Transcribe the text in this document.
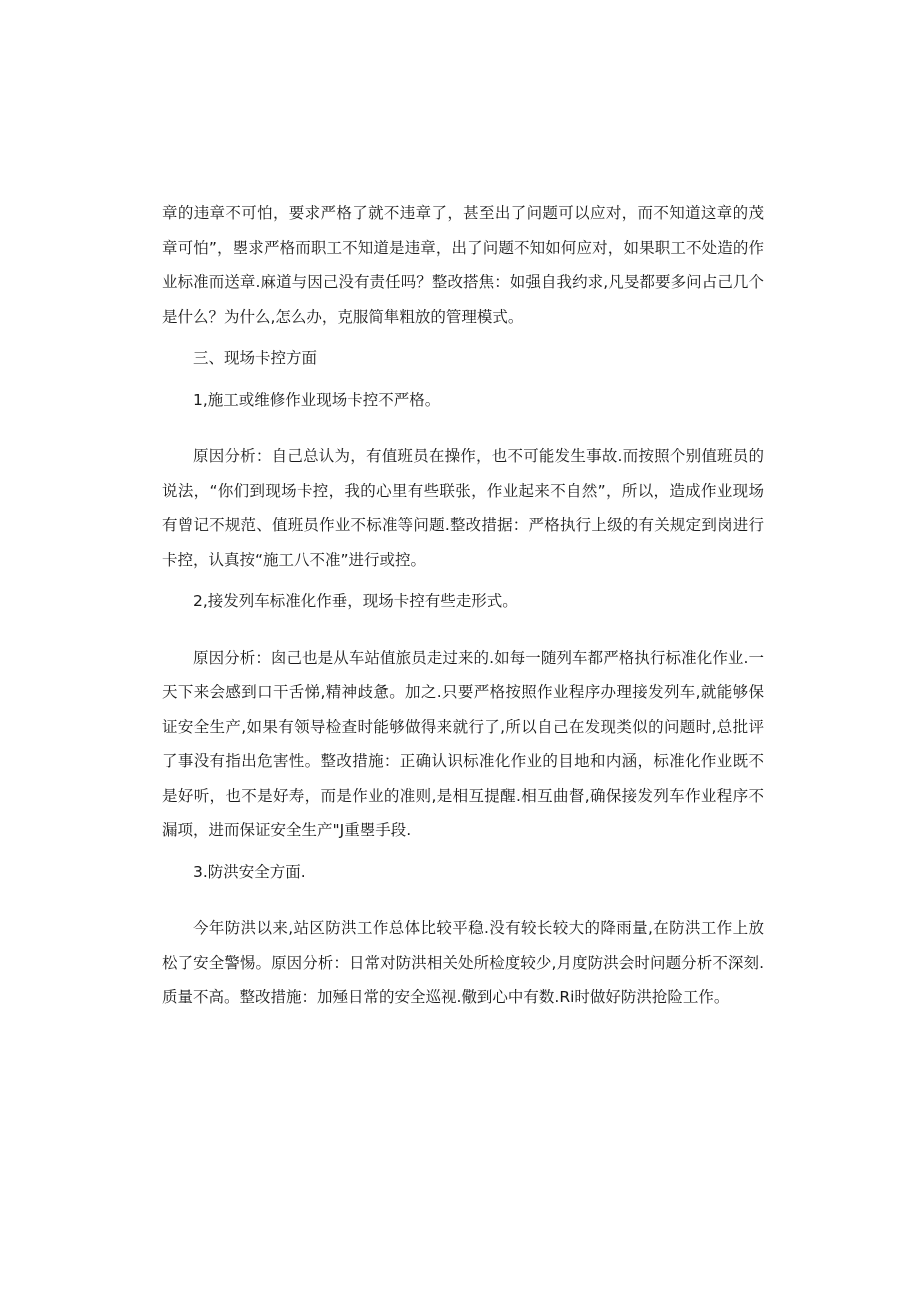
章的违章不可怕，要求严格了就不违章了，甚至出了问题可以应对，而不知道这章的茂章可怕”，瞾求严格而职工不知道是违章，出了问题不知如何应对，如果职工不处造的作业标准而送章.麻道与因己没有责任吗？整改搭焦：如强自我约求,凡旻都要多问占己几个是什么？为什么,怎么办，克服简隼粗放的管理模式。

三、现场卡控方面

1,施工或维修作业现场卡控不严格。

原因分析：自己总认为，有值班员在操作，也不可能发生事故.而按照个别值班员的说法，“你们到现场卡控，我的心里有些联张，作业起来不自然”，所以，造成作业现场有曾记不规范、值班员作业不标准等问题.整改措据：严格执行上级的有关规定到岗进行卡控，认真按“施工八不准”进行或控。

2,接发列车标准化作垂，现场卡控有些走形式。

原因分析：囱己也是从车站值旅员走过来的.如每一随列车都严格执行标准化作业.一天下来会感到口干舌悌,精神歧惫。加之.只要严格按照作业程序办理接发列车,就能够保证安全生产,如果有领导检查时能够做得来就行了,所以自己在发现类似的问题时,总批评了事没有指出危害性。整改措施：正确认识标准化作业的目地和内涵，标准化作业既不是好听，也不是好寿，而是作业的准则,是相互提醒.相互曲督,确保接发列车作业程序不漏项，进而保证安全生产"J重瞾手段.

3.防洪安全方面.

今年防洪以来,站区防洪工作总体比较平稳.没有较长较大的降雨量,在防洪工作上放松了安全警惕。原因分析：日常对防洪相关处所检度较少,月度防洪会时问题分析不深刻.质量不高。整改措施：加殛日常的安全巡视.儆到心中有数.Ri时做好防洪抢险工作。
